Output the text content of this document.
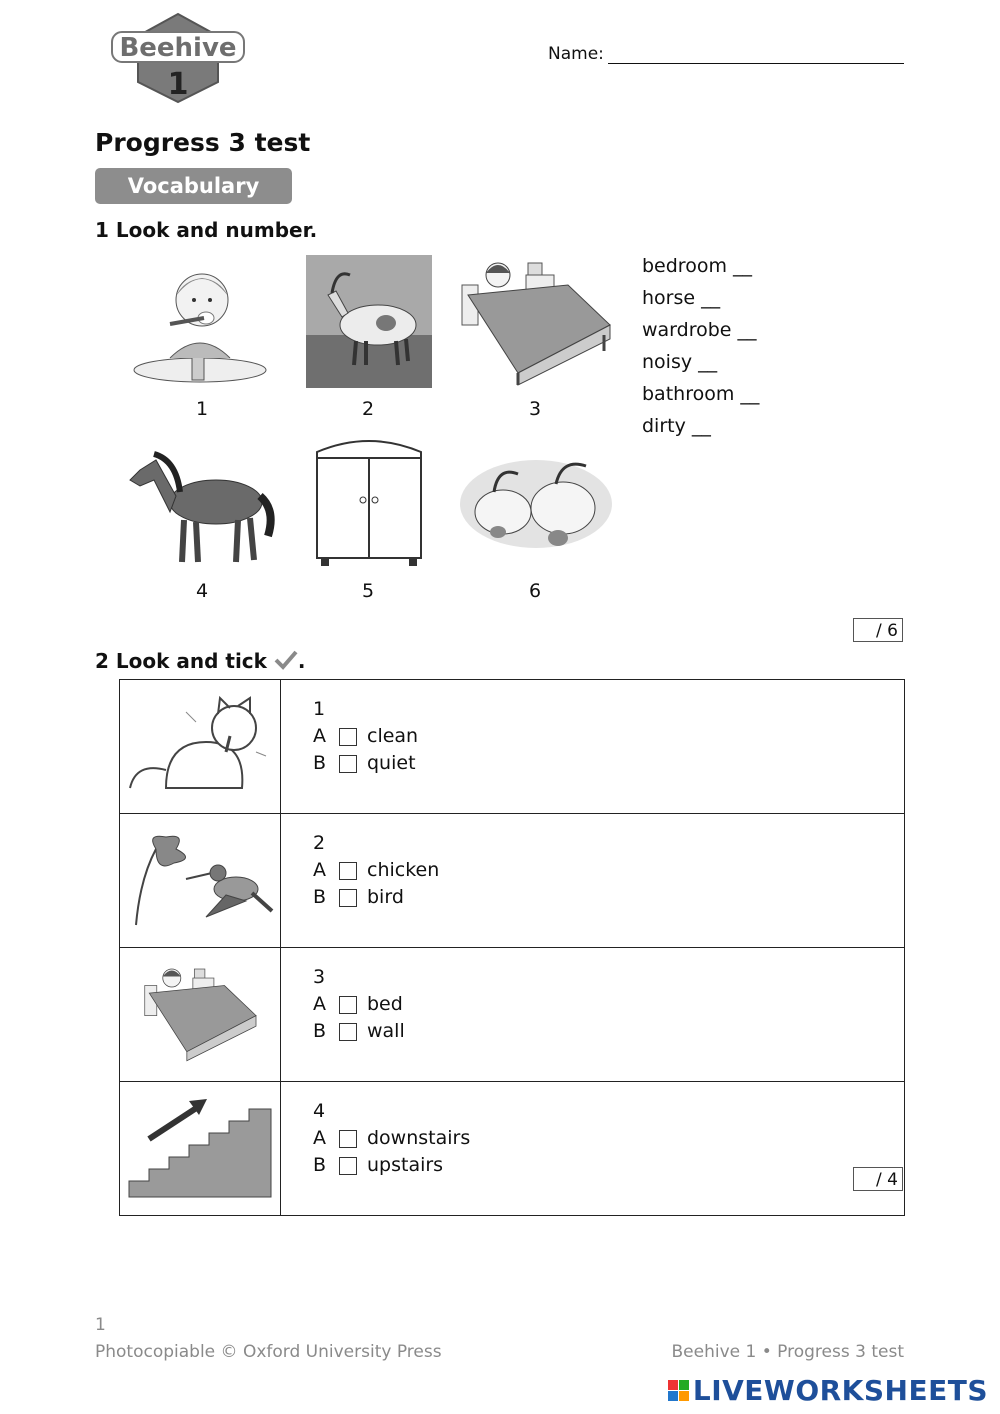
Beehive
1
Name:
Progress 3 test
Vocabulary
1 Look and number.
1	2	3
4	5	6
bedroom __
horse __
wardrobe __
noisy __
bathroom __
dirty __
/ 6
2 Look and tick .

1
A clean
B quiet

2
A chicken
B bird

3
A bed
B wall

4
A downstairs
B upstairs
/ 4
1
Photocopiable © Oxford University Press	Beehive 1 • Progress 3 test
LIVEWORKSHEETS
